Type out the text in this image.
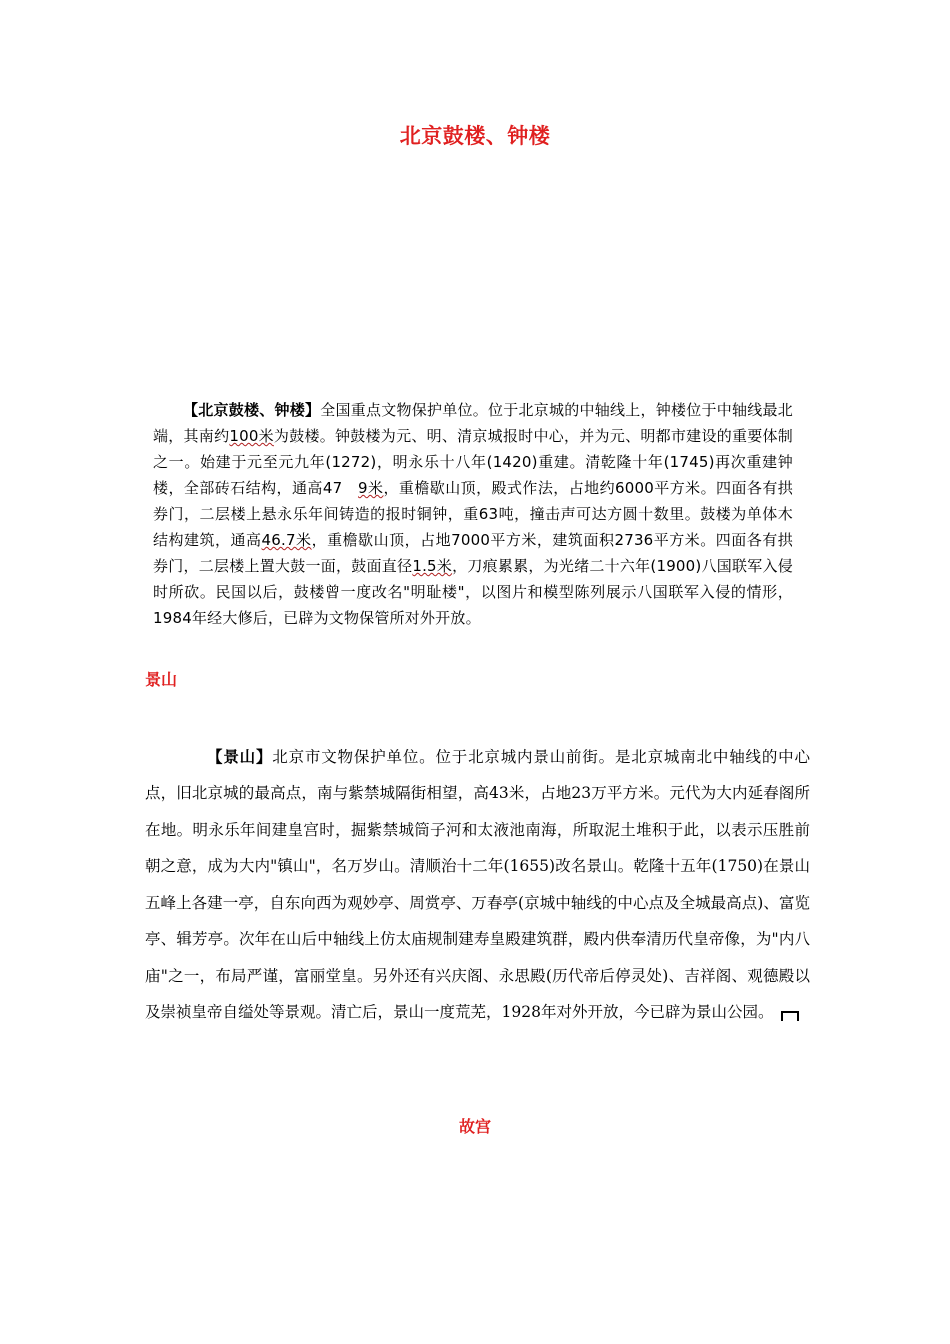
北京鼓楼、钟楼

【北京鼓楼、钟楼】全国重点文物保护单位。位于北京城的中轴线上，钟楼位于中轴线最北端，其南约100米为鼓楼。钟鼓楼为元、明、清京城报时中心，并为元、明都市建设的重要体制之一。始建于元至元九年(1272)，明永乐十八年(1420)重建。清乾隆十年(1745)再次重建钟楼，全部砖石结构，通高47　9米，重檐歇山顶，殿式作法，占地约6000平方米。四面各有拱券门，二层楼上悬永乐年间铸造的报时铜钟，重63吨，撞击声可达方圆十数里。鼓楼为单体木结构建筑，通高46.7米，重檐歇山顶，占地7000平方米，建筑面积2736平方米。四面各有拱券门，二层楼上置大鼓一面，鼓面直径1.5米，刀痕累累，为光绪二十六年(1900)八国联军入侵时所砍。民国以后，鼓楼曾一度改名"明耻楼"，以图片和模型陈列展示八国联军入侵的情形，1984年经大修后，已辟为文物保管所对外开放。

景山

【景山】北京市文物保护单位。位于北京城内景山前街。是北京城南北中轴线的中心点，旧北京城的最高点，南与紫禁城隔街相望，高43米，占地23万平方米。元代为大内延春阁所在地。明永乐年间建皇宫时，掘紫禁城筒子河和太液池南海，所取泥土堆积于此，以表示压胜前朝之意，成为大内"镇山"，名万岁山。清顺治十二年(1655)改名景山。乾隆十五年(1750)在景山五峰上各建一亭，自东向西为观妙亭、周赏亭、万春亭(京城中轴线的中心点及全城最高点)、富览亭、辑芳亭。次年在山后中轴线上仿太庙规制建寿皇殿建筑群，殿内供奉清历代皇帝像，为"内八庙"之一，布局严谨，富丽堂皇。另外还有兴庆阁、永思殿(历代帝后停灵处)、吉祥阁、观德殿以及崇祯皇帝自缢处等景观。清亡后，景山一度荒芜，1928年对外开放，今已辟为景山公园。

故宫
